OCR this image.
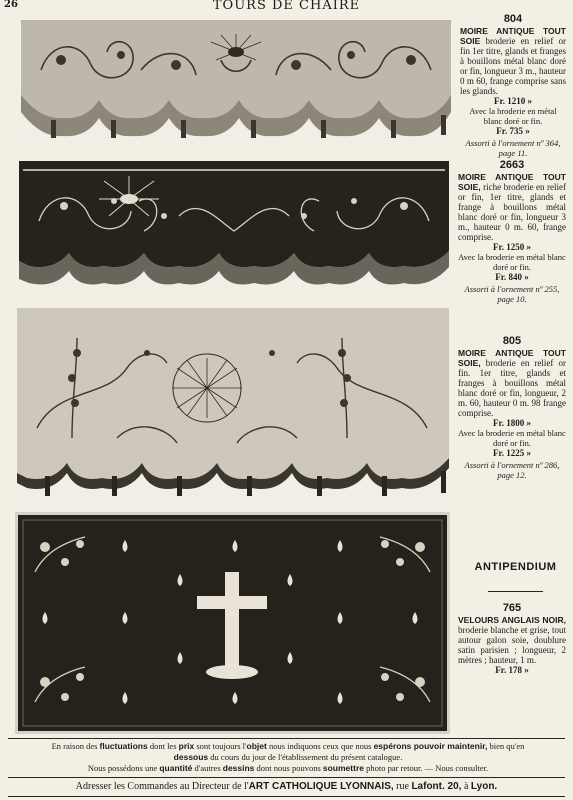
26	TOURS DE CHAIRE
804
MOIRE ANTIQUE TOUT SOIE broderie en relief or fin 1er titre, glands et franges à bouillons métal blanc doré or fin, longueur 3 m., hauteur 0 m 60, frange comprise sans les glands.
Fr. 1210 »
Avec la broderie en métal blanc doré or fin.
Fr. 735 »
Assorti à l'ornement nº 364, page 11.
2663
MOIRE ANTIQUE TOUT SOIE, riche broderie en relief or fin, 1er titre, glands et frange à bouillons métal blanc doré or fin, longueur 3 m., hauteur 0 m. 60, frange comprise.
Fr. 1250 »
Avec la broderie en métal blanc doré or fin.
Fr. 840 »
Assorti à l'ornement nº 255, page 10.
805
MOIRE ANTIQUE TOUT SOIE, broderie en relief or fin. 1er titre, glands et franges à bouillons métal blanc doré or fin, longueur, 2 m. 60, hauteur 0 m. 98 frange comprise.
Fr. 1800 »
Avec la broderie en métal blanc doré or fin.
Fr. 1225 »
Assorti à l'ornement nº 286, page 12.
ANTIPENDIUM
765
VELOURS ANGLAIS NOIR, broderie blanche et grise, tout autour galon soie, doublure satin parisien ; longueur, 2 mètres ; hauteur, 1 m.
Fr. 178 »
En raison des fluctuations dont les prix sont toujours l'objet nous indiquons ceux que nous espérons pouvoir maintenir, bien qu'en
dessous du cours du jour de l'établissement du présent catalogue.
Nous possédons une quantité d'autres dessins dont nous pouvons soumettre photo par retour. — Nous consulter.
Adresser les Commandes au Directeur de l'ART CATHOLIQUE LYONNAIS, rue Lafont. 20, à Lyon.
